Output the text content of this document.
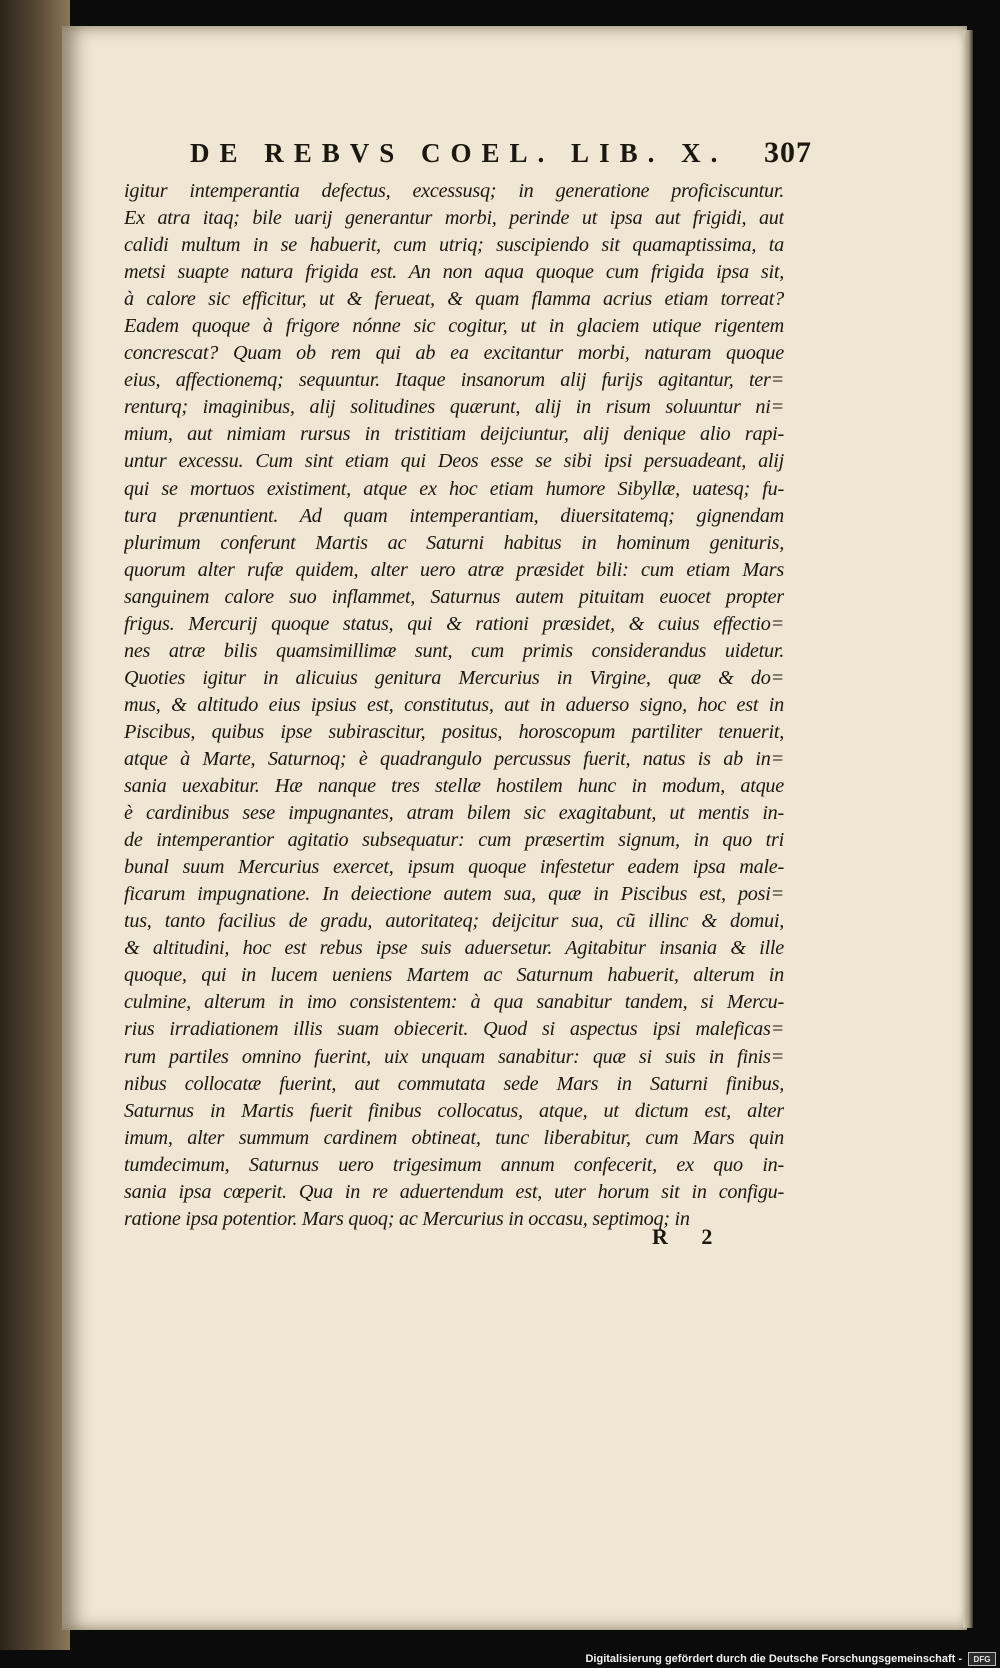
DE REBVS COEL. LIB. X. 307
igitur intemperantia defectus, excessusq; in generatione proficiscuntur.
Ex atra itaq; bile uarij generantur morbi, perinde ut ipsa aut frigidi, aut
calidi multum in se habuerit, cum utriq; suscipiendo sit quamaptissima, ta
metsi suapte natura frigida est. An non aqua quoque cum frigida ipsa sit,
à calore sic efficitur, ut & ferueat, & quam flamma acrius etiam torreat?
Eadem quoque à frigore nónne sic cogitur, ut in glaciem utique rigentem
concrescat? Quam ob rem qui ab ea excitantur morbi, naturam quoque
eius, affectionemq; sequuntur. Itaque insanorum alij furijs agitantur, ter=
renturq; imaginibus, alij solitudines quærunt, alij in risum soluuntur ni=
mium, aut nimiam rursus in tristitiam deijciuntur, alij denique alio rapi-
untur excessu. Cum sint etiam qui Deos esse se sibi ipsi persuadeant, alij
qui se mortuos existiment, atque ex hoc etiam humore Sibyllæ, uatesq; fu-
tura prænuntient. Ad quam intemperantiam, diuersitatemq; gignendam
plurimum conferunt Martis ac Saturni habitus in hominum genituris,
quorum alter rufæ quidem, alter uero atræ præsidet bili: cum etiam Mars
sanguinem calore suo inflammet, Saturnus autem pituitam euocet propter
frigus. Mercurij quoque status, qui & rationi præsidet, & cuius effectio=
nes atræ bilis quamsimillimæ sunt, cum primis considerandus uidetur.
Quoties igitur in alicuius genitura Mercurius in Virgine, quæ & do=
mus, & altitudo eius ipsius est, constitutus, aut in aduerso signo, hoc est in
Piscibus, quibus ipse subirascitur, positus, horoscopum partiliter tenuerit,
atque à Marte, Saturnoq; è quadrangulo percussus fuerit, natus is ab in=
sania uexabitur. Hæ nanque tres stellæ hostilem hunc in modum, atque
è cardinibus sese impugnantes, atram bilem sic exagitabunt, ut mentis in-
de intemperantior agitatio subsequatur: cum præsertim signum, in quo tri
bunal suum Mercurius exercet, ipsum quoque infestetur eadem ipsa male-
ficarum impugnatione. In deiectione autem sua, quæ in Piscibus est, posi=
tus, tanto facilius de gradu, autoritateq; deijcitur sua, cũ illinc & domui,
& altitudini, hoc est rebus ipse suis aduersetur. Agitabitur insania & ille
quoque, qui in lucem ueniens Martem ac Saturnum habuerit, alterum in
culmine, alterum in imo consistentem: à qua sanabitur tandem, si Mercu-
rius irradiationem illis suam obiecerit. Quod si aspectus ipsi maleficas=
rum partiles omnino fuerint, uix unquam sanabitur: quæ si suis in finis=
nibus collocatæ fuerint, aut commutata sede Mars in Saturni finibus,
Saturnus in Martis fuerit finibus collocatus, atque, ut dictum est, alter
imum, alter summum cardinem obtineat, tunc liberabitur, cum Mars quin
tumdecimum, Saturnus uero trigesimum annum confecerit, ex quo in-
sania ipsa cœperit. Qua in re aduertendum est, uter horum sit in configu-
ratione ipsa potentior. Mars quoq; ac Mercurius in occasu, septimoq; in
R 2
Digitalisierung gefördert durch die Deutsche Forschungsgemeinschaft -	DFG
